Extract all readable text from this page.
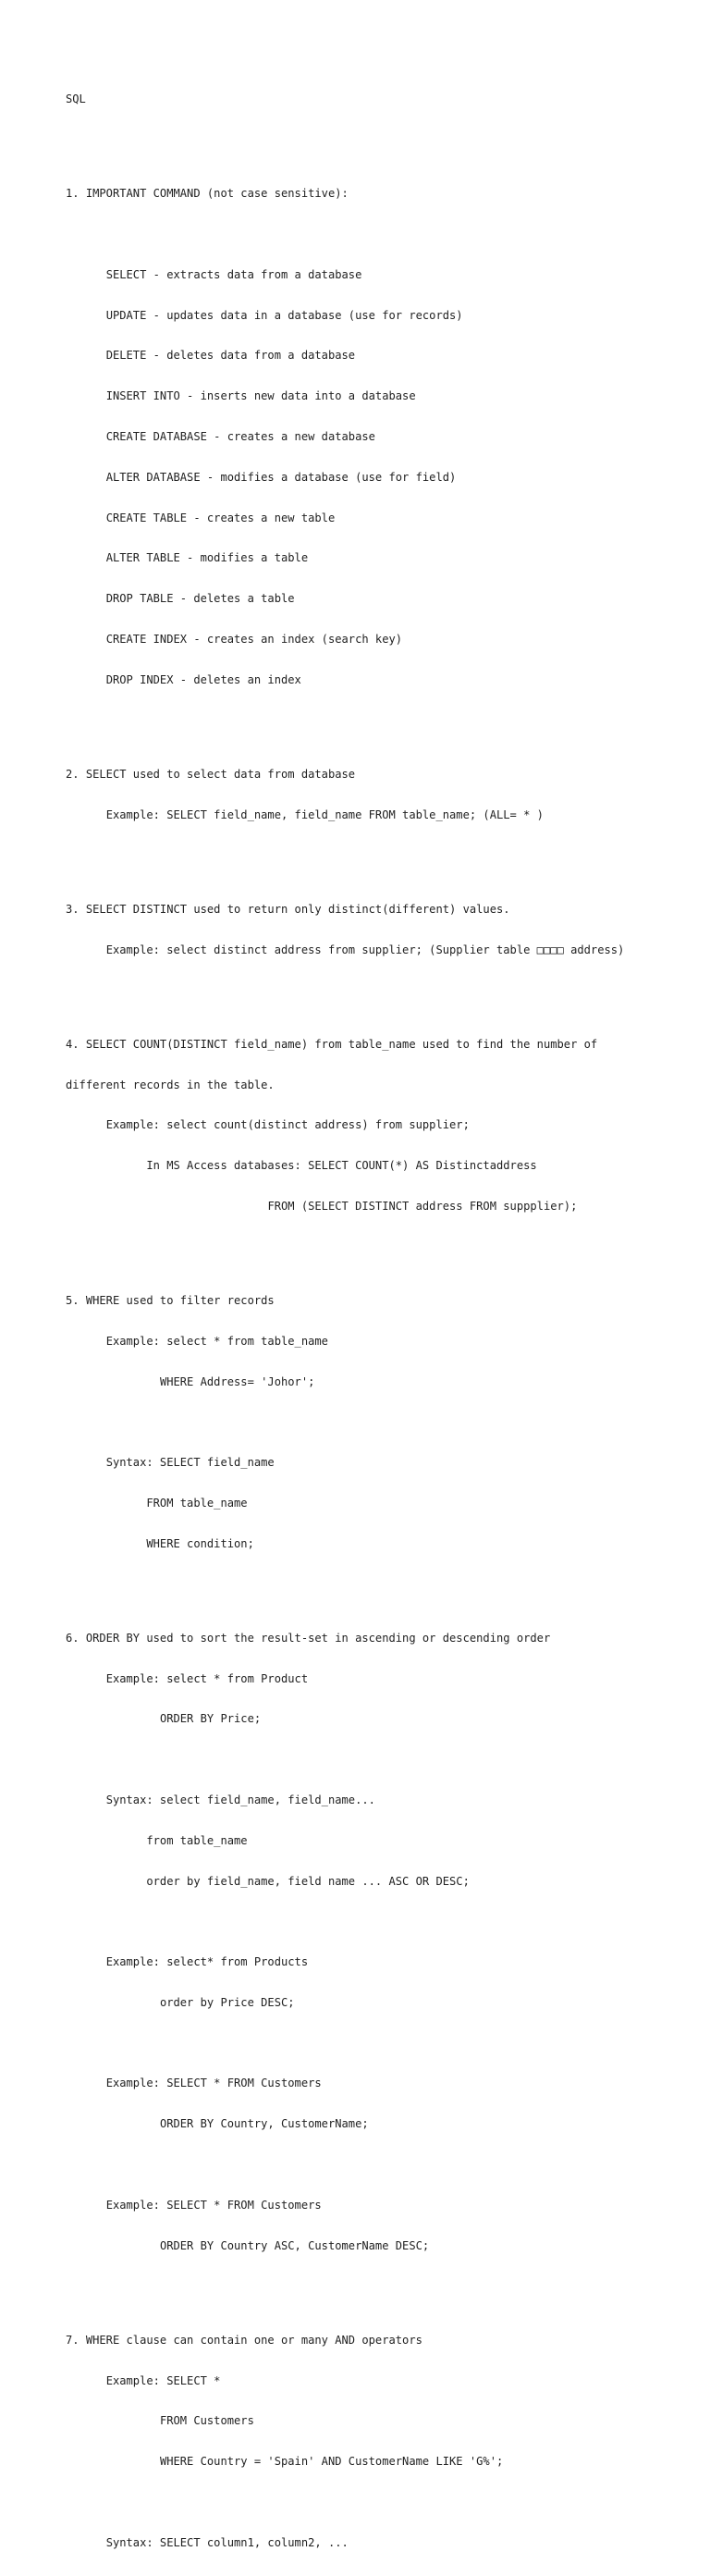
SQL

1. IMPORTANT COMMAND (not case sensitive):

SELECT - extracts data from a database

UPDATE - updates data in a database (use for records)

DELETE - deletes data from a database

INSERT INTO - inserts new data into a database

CREATE DATABASE - creates a new database

ALTER DATABASE - modifies a database (use for field)

CREATE TABLE - creates a new table

ALTER TABLE - modifies a table

DROP TABLE - deletes a table

CREATE INDEX - creates an index (search key)

DROP INDEX - deletes an index

2. SELECT used to select data from database

Example: SELECT field_name, field_name FROM table_name; (ALL= * )

3. SELECT DISTINCT used to return only distinct(different) values.

Example: select distinct address from supplier; (Supplier table □□□□ address)

4. SELECT COUNT(DISTINCT field_name) from table_name used to find the number of

different records in the table.

Example: select count(distinct address) from supplier;

In MS Access databases: SELECT COUNT(*) AS Distinctaddress

FROM (SELECT DISTINCT address FROM suppplier);

5. WHERE used to filter records

Example: select * from table_name

WHERE Address= 'Johor';

Syntax: SELECT field_name

FROM table_name

WHERE condition;

6. ORDER BY used to sort the result-set in ascending or descending order

Example: select * from Product

ORDER BY Price;

Syntax: select field_name, field_name...

from table_name

order by field_name, field name ... ASC OR DESC;

Example: select* from Products

order by Price DESC;

Example: SELECT * FROM Customers

ORDER BY Country, CustomerName;

Example: SELECT * FROM Customers

ORDER BY Country ASC, CustomerName DESC;

7. WHERE clause can contain one or many AND operators

Example: SELECT *

FROM Customers

WHERE Country = 'Spain' AND CustomerName LIKE 'G%';

Syntax: SELECT column1, column2, ...
